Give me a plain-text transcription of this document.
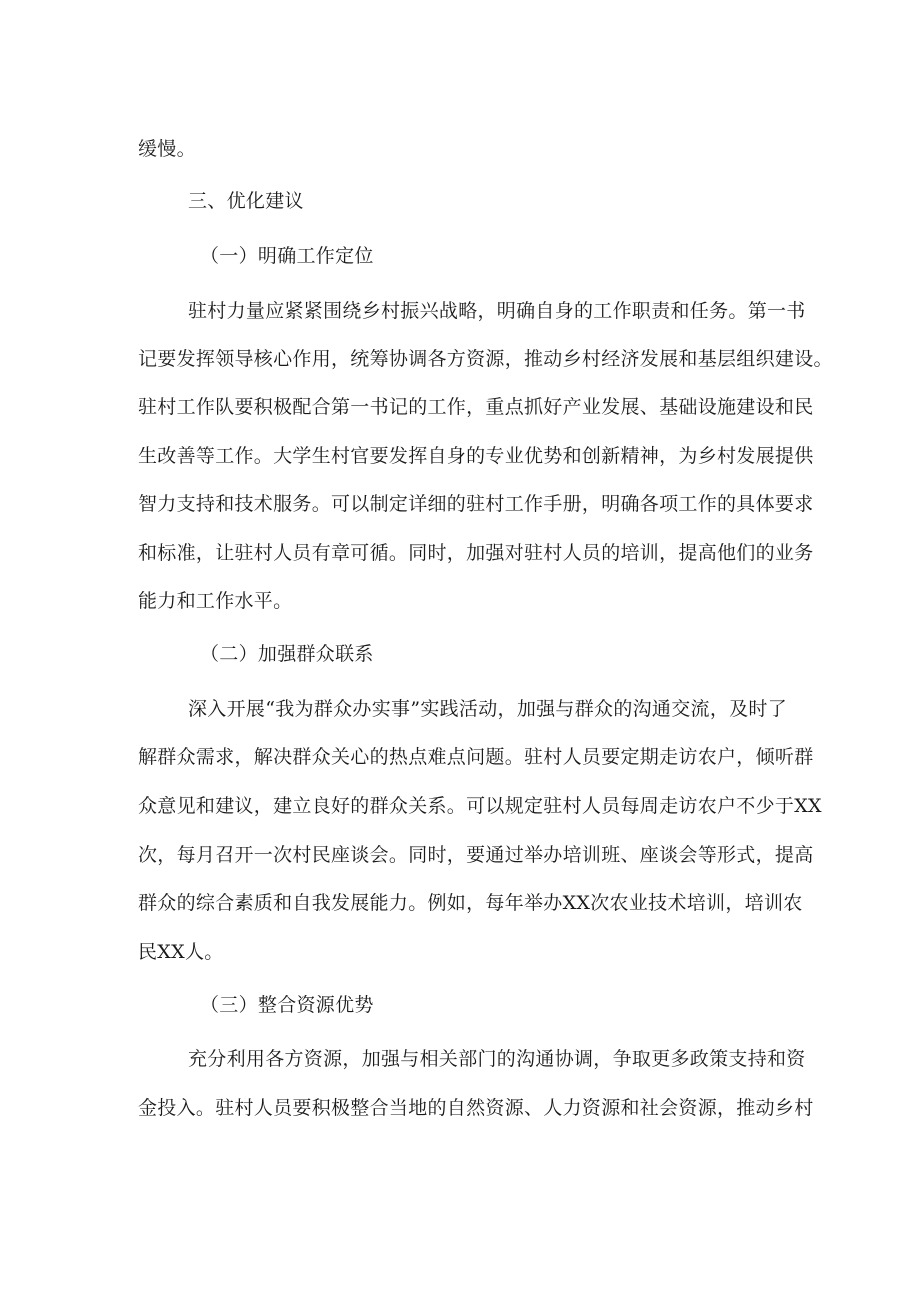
缓慢。
三、优化建议
（一）明确工作定位
驻村力量应紧紧围绕乡村振兴战略，明确自身的工作职责和任务。第一书
记要发挥领导核心作用，统筹协调各方资源，推动乡村经济发展和基层组织建设。
驻村工作队要积极配合第一书记的工作，重点抓好产业发展、基础设施建设和民
生改善等工作。大学生村官要发挥自身的专业优势和创新精神，为乡村发展提供
智力支持和技术服务。可以制定详细的驻村工作手册，明确各项工作的具体要求
和标准，让驻村人员有章可循。同时，加强对驻村人员的培训，提高他们的业务
能力和工作水平。
（二）加强群众联系
深入开展“我为群众办实事”实践活动，加强与群众的沟通交流，及时了
解群众需求，解决群众关心的热点难点问题。驻村人员要定期走访农户，倾听群
众意见和建议，建立良好的群众关系。可以规定驻村人员每周走访农户不少于XX
次，每月召开一次村民座谈会。同时，要通过举办培训班、座谈会等形式，提高
群众的综合素质和自我发展能力。例如，每年举办XX次农业技术培训，培训农
民XX人。
（三）整合资源优势
充分利用各方资源，加强与相关部门的沟通协调，争取更多政策支持和资
金投入。驻村人员要积极整合当地的自然资源、人力资源和社会资源，推动乡村
